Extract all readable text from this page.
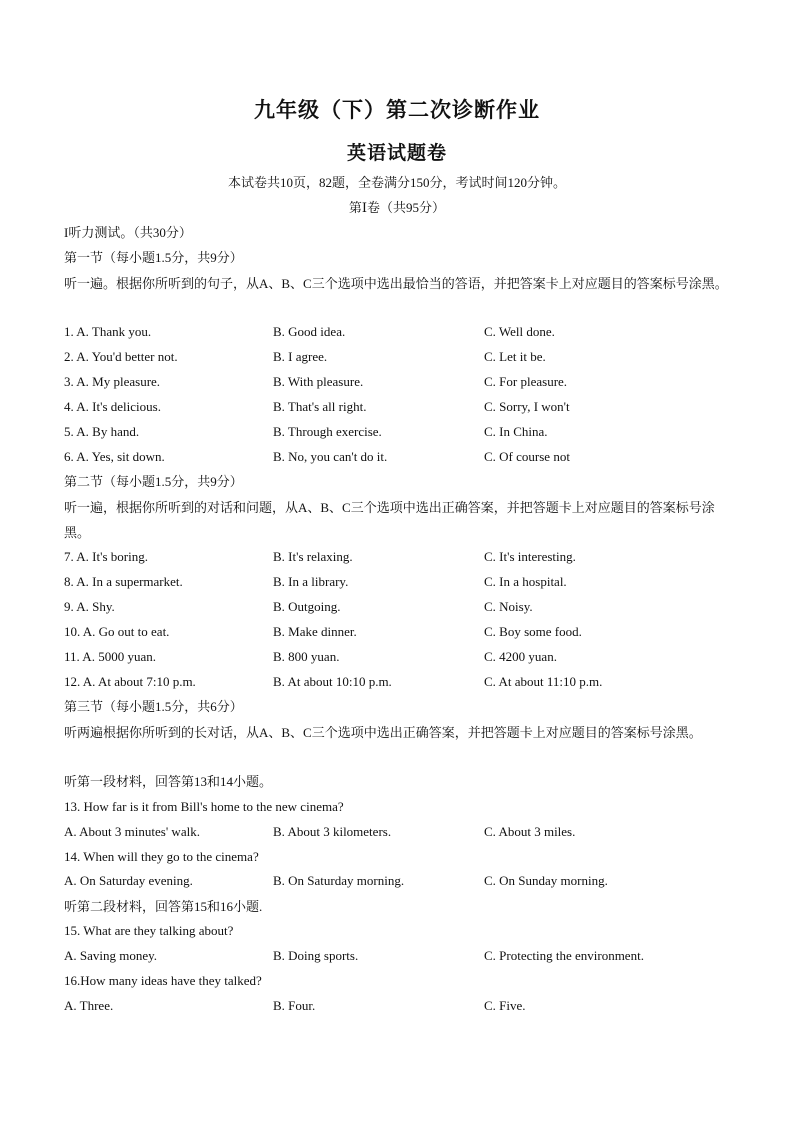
九年级（下）第二次诊断作业
英语试题卷
本试卷共10页，82题，全卷满分150分，考试时间120分钟。
第Ⅰ卷（共95分）
I听力测试。（共30分）
第一节（每小题1.5分，共9分）
听一遍。根据你所听到的句子，从A、B、C三个选项中选出最恰当的答语，并把答案卡上对应题目的答案标号涂黑。
1. A. Thank you.	B. Good idea.	C. Well done.
2. A. You'd better not.	B. I agree.	C. Let it be.
3. A. My pleasure.	B. With pleasure.	C. For pleasure.
4. A. It's delicious.	B. That's all right.	C. Sorry, I won't
5. A. By hand.	B. Through exercise.	C. In China.
6. A. Yes, sit down.	B. No, you can't do it.	C. Of course not
第二节（每小题1.5分，共9分）
听一遍，根据你所听到的对话和问题，从A、B、C三个选项中选出正确答案，并把答题卡上对应题目的答案标号涂黑。
7. A. It's boring.	B. It's relaxing.	C. It's interesting.
8. A. In a supermarket.	B. In a library.	C. In a hospital.
9. A. Shy.	B. Outgoing.	C. Noisy.
10. A. Go out to eat.	B. Make dinner.	C. Boy some food.
11. A. 5000 yuan.	B. 800 yuan.	C. 4200 yuan.
12. A. At about 7:10 p.m.	B. At about 10:10 p.m.	C. At about 11:10 p.m.
第三节（每小题1.5分，共6分）
听两遍根据你所听到的长对话，从A、B、C三个选项中选出正确答案，并把答题卡上对应题目的答案标号涂黑。
听第一段材料，回答第13和14小题。
13. How far is it from Bill's home to the new cinema?
A. About 3 minutes' walk.	B. About 3 kilometers.	C. About 3 miles.
14. When will they go to the cinema?
A. On Saturday evening.	B. On Saturday morning.	C. On Sunday morning.
听第二段材料，回答第15和16小题.
15. What are they talking about?
A. Saving money.	B. Doing sports.	C. Protecting the environment.
16.How many ideas have they talked?
A. Three.	B. Four.	C. Five.
